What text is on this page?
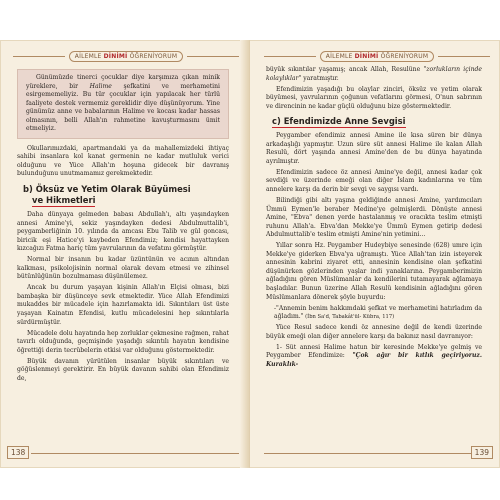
AİLEMLE DİNİMİ ÖĞRENİYORUM

Günümüzde tinerci çocuklar diye karşımıza çıkan minik yüreklere, bir Halime şefkatini ve merhametini esirgememeliyiz. Bu tür çocuklar için yapılacak her türlü faaliyete destek vermemiz gereklidir diye düşünüyorum. Yine günümüz anne ve babalarının Halime ve kocası kadar hassas olmasının, belli Allah'ın rahmetine kavuşturmasını ümit etmeliyiz.

Okullarımızdaki, apartmandaki ya da mahallemizdeki ihtiyaç sahibi insanlara kol kanat germenin ne kadar mutluluk verici olduğunu ve Yüce Allah'ın hoşuna gidecek bir davranış bulunduğunu unutmamamız gerekmektedir.

b) Öksüz ve Yetim Olarak Büyümesi
ve Hikmetleri

Daha dünyaya gelmeden babası Abdullah'ı, altı yaşındayken annesi Amine'yi, sekiz yaşındayken dedesi Abdulmuttalib'i, peygamberliğinin 10. yılında da amcası Ebu Talib ve gül goncası, biricik eşi Hatice'yi kaybeden Efendimiz; kendisi hayattayken kızcağızı Fatma hariç tüm yavrularının da vefatını görmüştür.

Normal bir insanın bu kadar üzüntünün ve acının altından kalkması, psikolojisinin normal olarak devam etmesi ve zihinsel bütünlüğünün bozulmaması düşünülemez.

Ancak bu durum yaşayan kişinin Allah'ın Elçisi olması, bizi bambaşka bir düşünceye sevk etmektedir. Yüce Allah Efendimizi mukaddes bir mücadele için hazırlamakta idi. Sıkıntıları üst üste yaşayan Kainatın Efendisi, kutlu mücadelesini hep sıkıntılarla sürdürmüştür.

Mücadele dolu hayatında hep zorluklar çekmesine rağmen, rahat tavırlı olduğunda, geçmişinde yaşadığı sıkıntılı hayatın kendisine öğrettiği derin tecrübelerin etkisi var olduğunu göstermektedir.

Büyük davanın yürütülen insanlar büyük sıkıntıları ve göğüslenmeyi gerektirir. En büyük davanın sahibi olan Efendimiz de,

138
AİLEMLE DİNİMİ ÖĞRENİYORUM

büyük sıkıntılar yaşamış; ancak Allah, Resulüne "zorlukların içinde kolaylıklar" yaratmıştır.

Efendimizin yaşadığı bu olaylar zinciri, öksüz ve yetim olarak büyümesi, yavrularının çoğunun vefatlarını görmesi, O'nun sabrının ve direncinin ne kadar güçlü olduğunu bize göstermektedir.

c) Efendimizde Anne Sevgisi

Peygamber efendimiz annesi Amine ile kısa süren bir dünya arkadaşlığı yapmıştır. Uzun süre süt annesi Halime ile kalan Allah Resulü, dört yaşında annesi Amine'den de bu dünya hayatında ayrılmıştır.

Efendimizin sadece öz annesi Amine'ye değil, annesi kadar çok sevdiği ve üzerinde emeği olan diğer İslam kadınlarına ve tüm annelere karşı da derin bir sevgi ve saygısı vardı.

Bilindiği gibi altı yaşına geldiğinde annesi Amine, yardımcıları Ümmü Eymen'le beraber Medine'ye gelmişlerdi. Dönüşte annesi Amine, "Ebva" denen yerde hastalanmış ve oracıkta teslim etmişti ruhunu Allah'a. Ebva'dan Mekke'ye Ümmü Eymen getirip dedesi Abdulmuttalib'e teslim etmişti Amine'nin yetimini...

Yıllar sonra Hz. Peygamber Hudeybiye senesinde (628) umre için Mekke'ye giderken Ebva'ya uğramıştı. Yüce Allah'tan izin isteyerek annesinin kabrini ziyaret etti, annesinin kendisine olan şefkatini düşünürken gözlerinden yaşlar indi yanaklarına. Peygamberimizin ağladığını gören Müslümanlar da kendilerini tutamayarak ağlamaya başladılar. Bunun üzerine Allah Resulü kendisinin ağladığını gören Müslümanlara dönerek şöyle buyurdu:

-"Annemin benim hakkımdaki şefkat ve merhametini hatırladım da ağladım." (İbn Sa'd, Tabakât'ül- Kübra, 117)

Yüce Resul sadece kendi öz annesine değil de kendi üzerinde büyük emeği olan diğer annelere karşı da bakınız nasıl davranıyor:

1- Süt annesi Halime hatun bir keresinde Mekke'ye gelmiş ve Peygamber Efendimize: "Çok ağır bir kıtlık geçiriyoruz. Kuraklık-

139
